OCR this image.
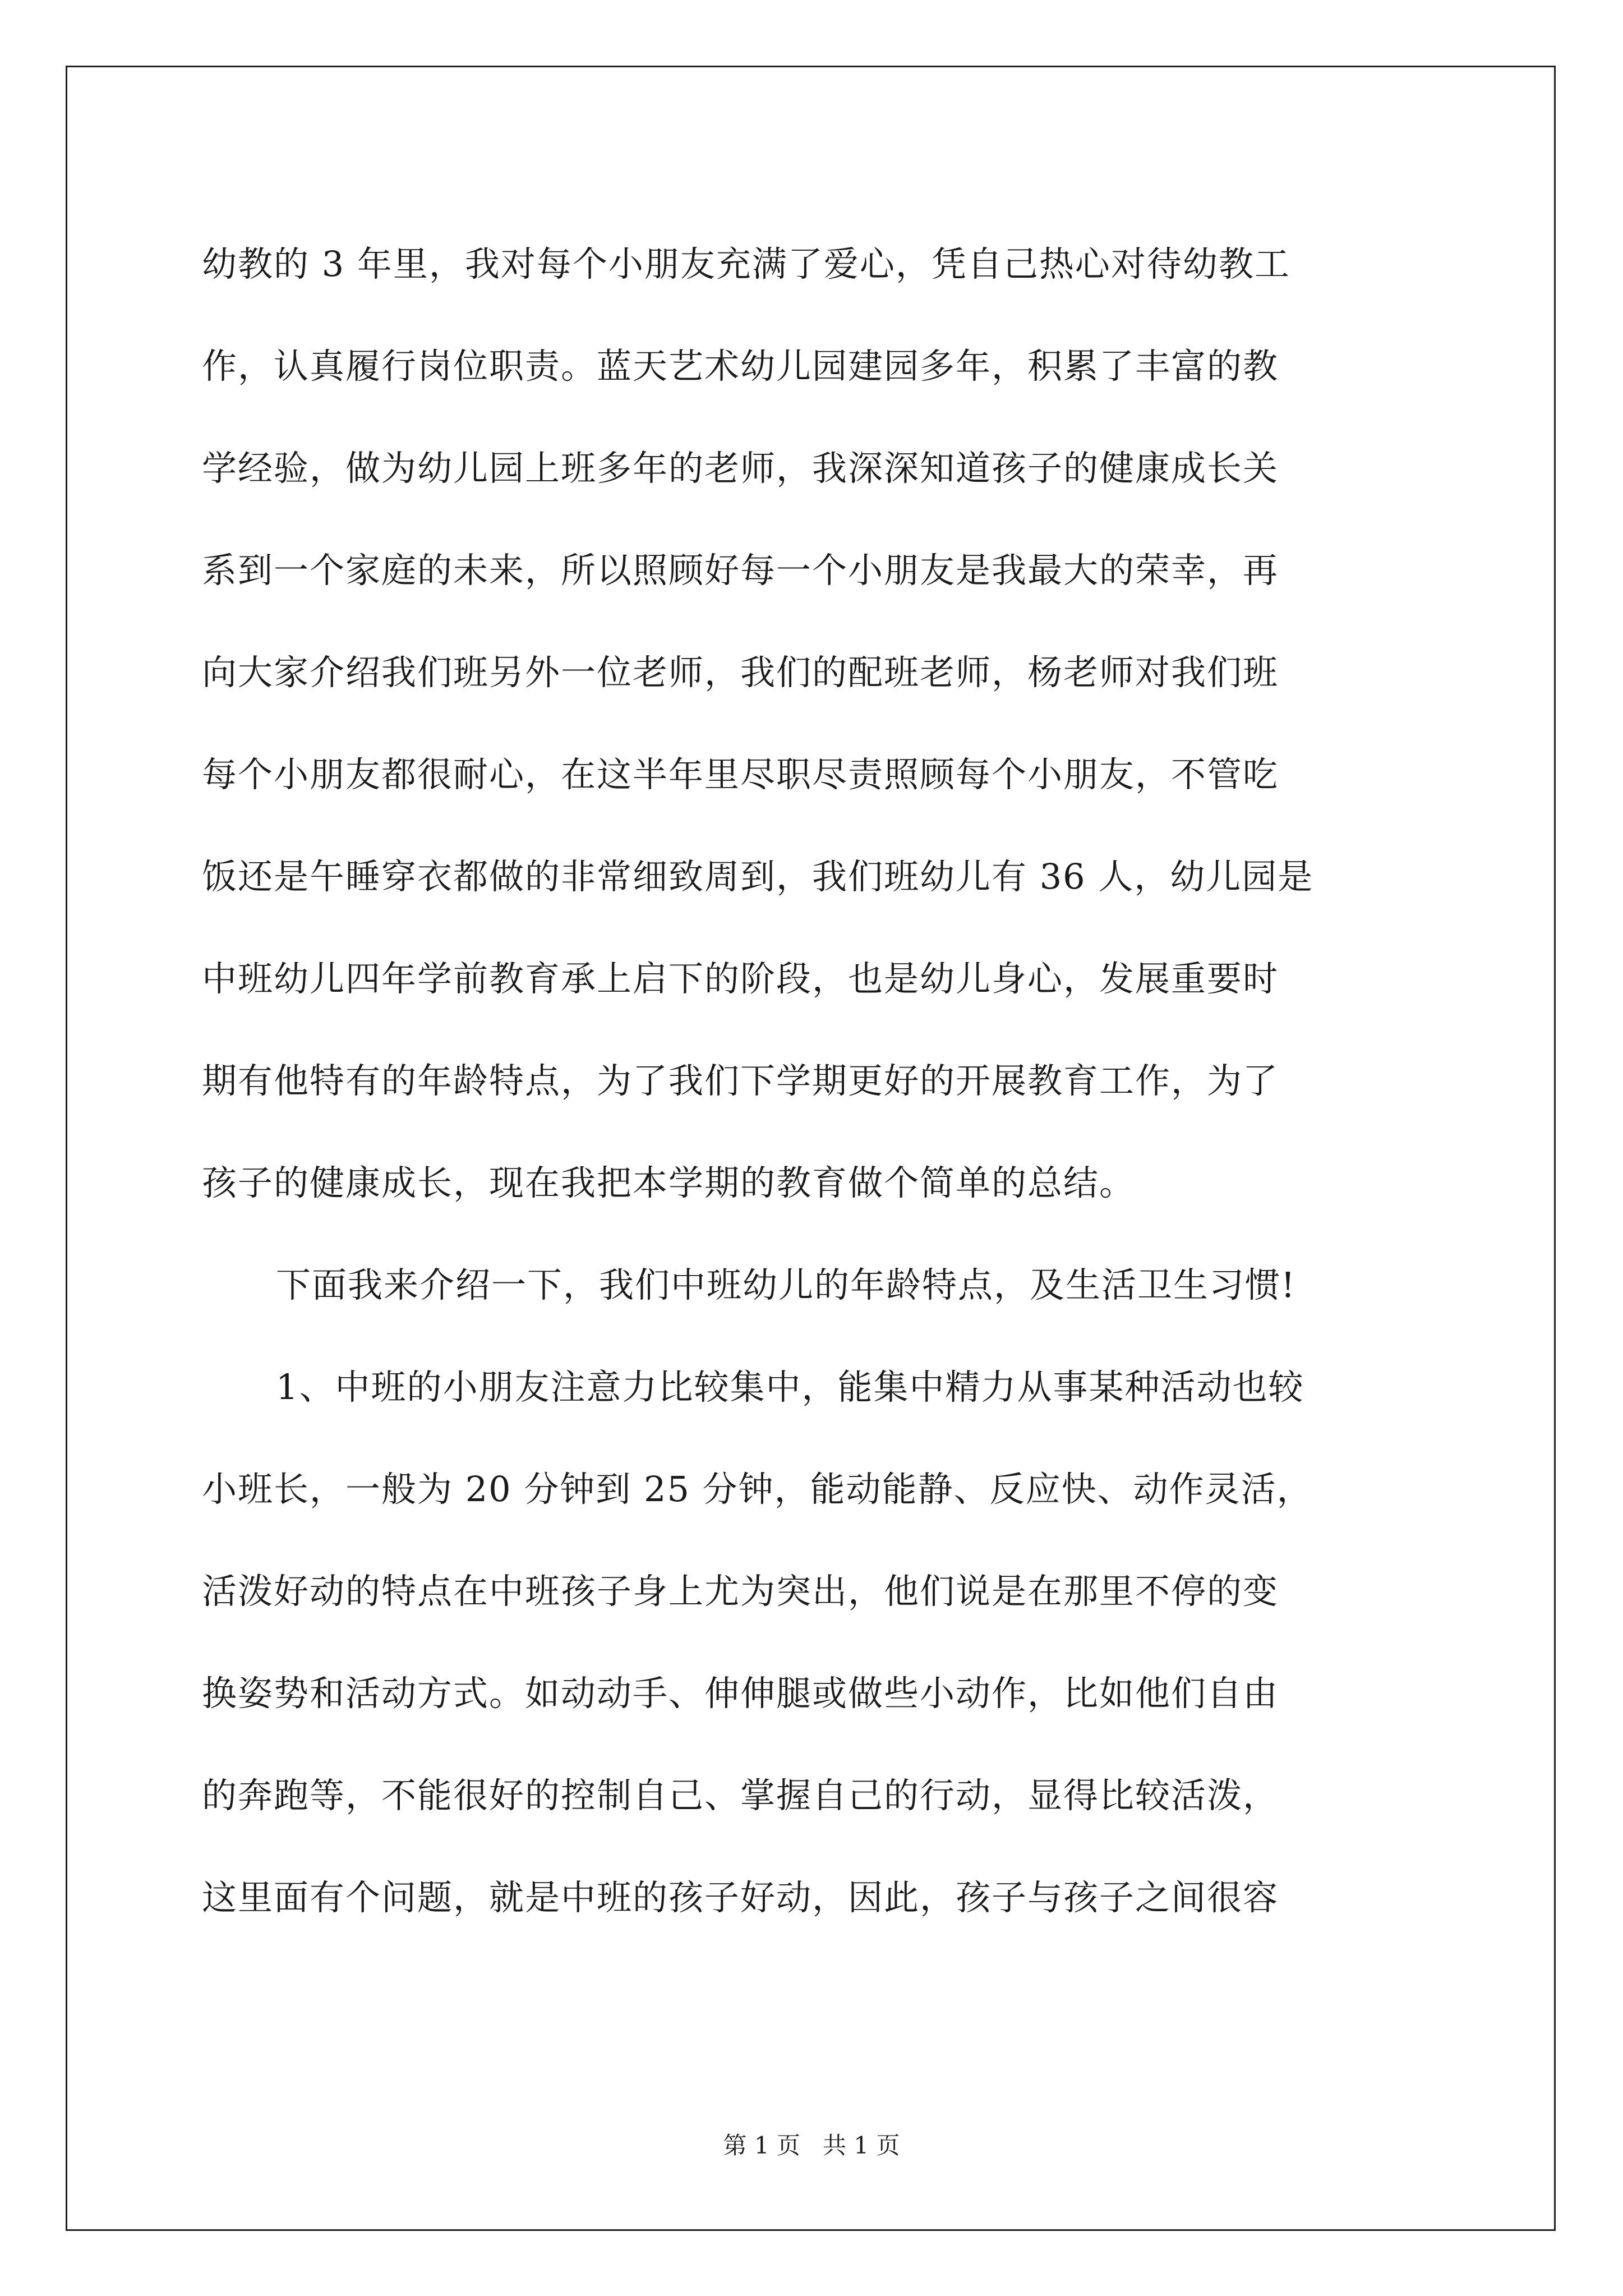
幼教的 3 年里，我对每个小朋友充满了爱心，凭自己热心对待幼教工
作，认真履行岗位职责。蓝天艺术幼儿园建园多年，积累了丰富的教
学经验，做为幼儿园上班多年的老师，我深深知道孩子的健康成长关
系到一个家庭的未来，所以照顾好每一个小朋友是我最大的荣幸，再
向大家介绍我们班另外一位老师，我们的配班老师，杨老师对我们班
每个小朋友都很耐心，在这半年里尽职尽责照顾每个小朋友，不管吃
饭还是午睡穿衣都做的非常细致周到，我们班幼儿有 36 人，幼儿园是
中班幼儿四年学前教育承上启下的阶段，也是幼儿身心，发展重要时
期有他特有的年龄特点，为了我们下学期更好的开展教育工作，为了
孩子的健康成长，现在我把本学期的教育做个简单的总结。
下面我来介绍一下，我们中班幼儿的年龄特点，及生活卫生习惯!
1、中班的小朋友注意力比较集中，能集中精力从事某种活动也较
小班长，一般为 20 分钟到 25 分钟，能动能静、反应快、动作灵活，
活泼好动的特点在中班孩子身上尤为突出，他们说是在那里不停的变
换姿势和活动方式。如动动手、伸伸腿或做些小动作，比如他们自由
的奔跑等，不能很好的控制自己、掌握自己的行动，显得比较活泼，
这里面有个问题，就是中班的孩子好动，因此，孩子与孩子之间很容
第 1 页 共 1 页
